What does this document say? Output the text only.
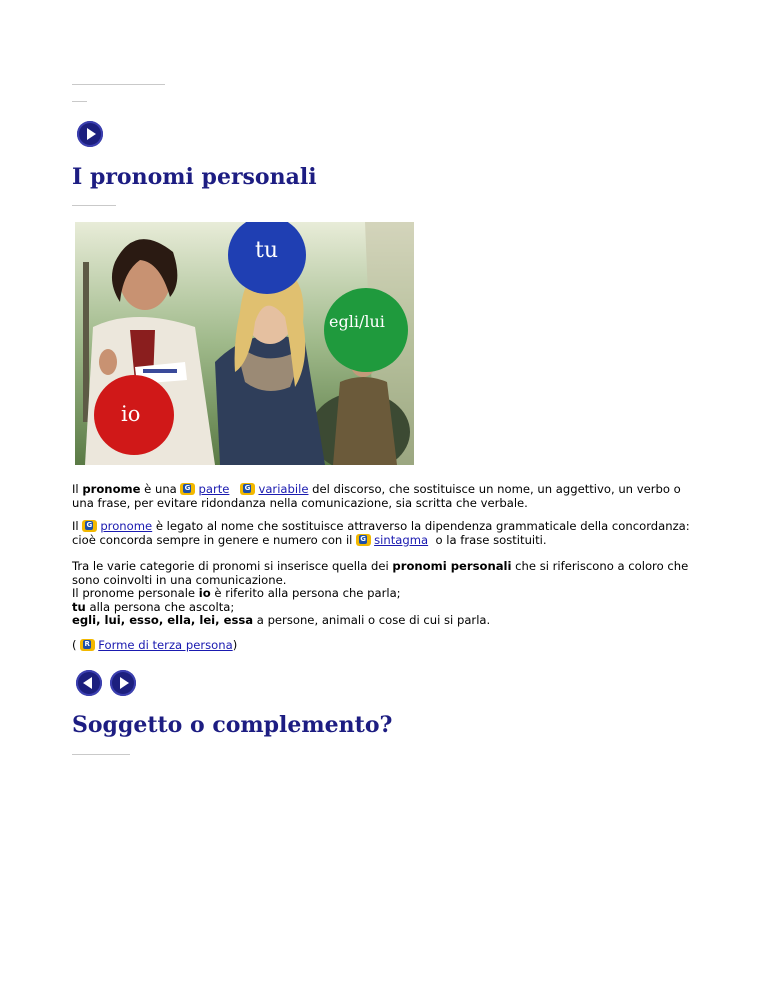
I pronomi personali
tu
egli/lui
io

Il pronome è una G parte G variabile del discorso, che sostituisce un nome, un aggettivo, un verbo o una frase, per evitare ridondanza nella comunicazione, sia scritta che verbale.

Il G pronome è legato al nome che sostituisce attraverso la dipendenza grammaticale della concordanza: cioè concorda sempre in genere e numero con il G sintagma  o la frase sostituiti.

Tra le varie categorie di pronomi si inserisce quella dei pronomi personali che si riferiscono a coloro che sono coinvolti in una comunicazione.
Il pronome personale io è riferito alla persona che parla;
tu alla persona che ascolta;
egli, lui, esso, ella, lei, essa a persone, animali o cose di cui si parla.

( R Forme di terza persona)

Soggetto o complemento?
